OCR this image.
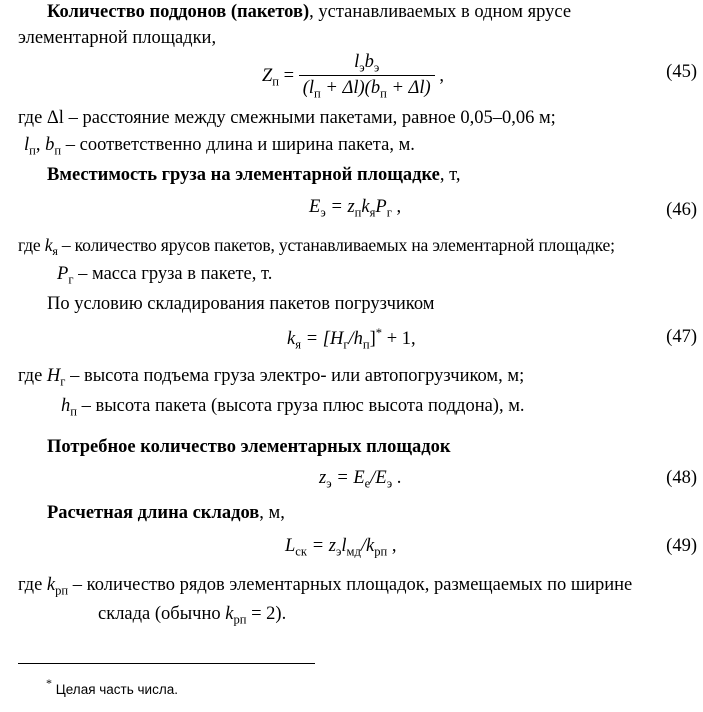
Количество поддонов (пакетов), устанавливаемых в одном ярусе
элементарной площадки,
$Z_п = \frac{l_эb_э}{(l_п + \Delta l)(b_п + \Delta l)}$ ,	(45)
где Δl – расстояние между смежными пакетами, равное 0,05–0,06 м;
$l_п$, $b_п$ – соответственно длина и ширина пакета, м.
Вместимость груза на элементарной площадке, т,
$E_э = z_пk_яP_г$ ,	(46)
где $k_я$ – количество ярусов пакетов, устанавливаемых на элементарной площадке;
$P_г$ – масса груза в пакете, т.
По условию складирования пакетов погрузчиком
$k_я = [H_г/h_п]^* + 1$,	(47)
где $H_г$ – высота подъема груза электро- или автопогрузчиком, м;
$h_п$ – высота пакета (высота груза плюс высота поддона), м.
Потребное количество элементарных площадок
$z_э = E_е/E_э$ .	(48)
Расчетная длина складов, м,
$L_{ск} = z_эl_{мд}/k_{рп}$ ,	(49)
где $k_{рп}$ – количество рядов элементарных площадок, размещаемых по ширине
склада (обычно $k_{рп} = 2$).
* Целая часть числа.
